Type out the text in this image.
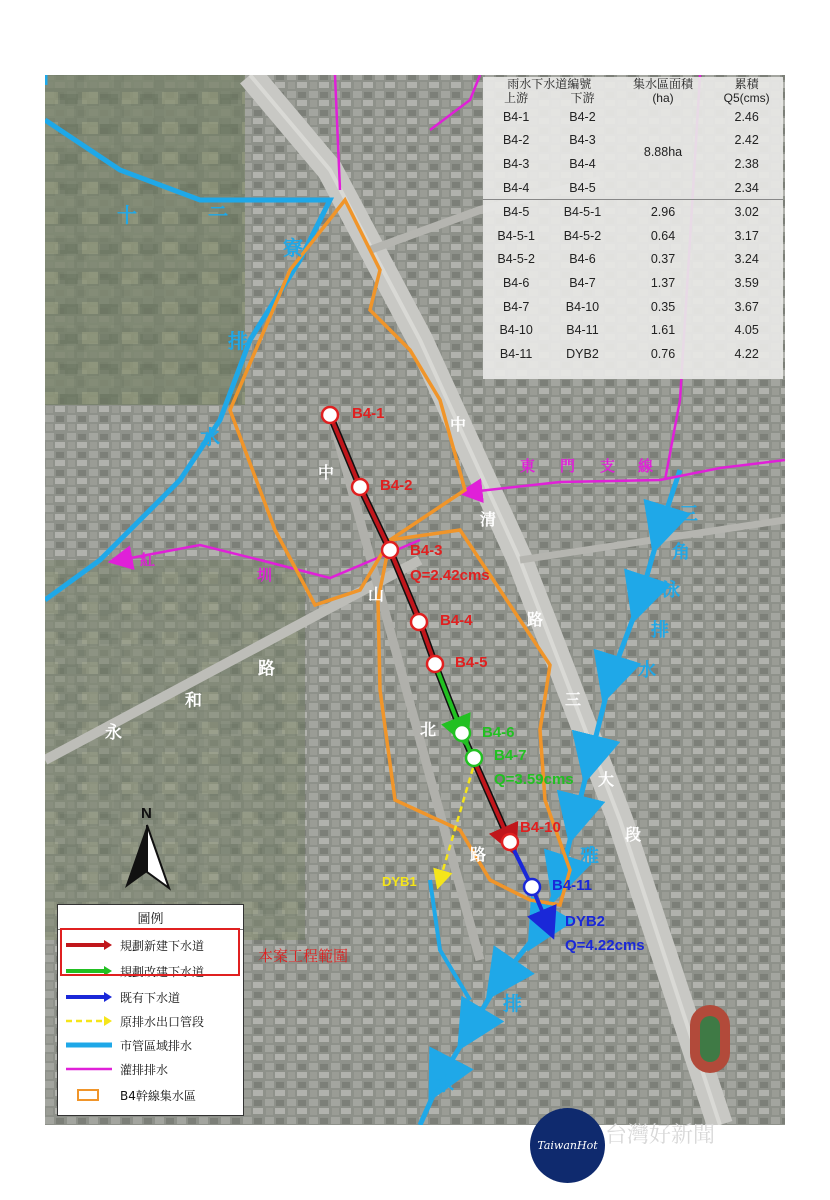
B4-1
B4-2
B4-3
Q=2.42cms
B4-4
B4-5
B4-6
B4-7
Q=3.59cms
B4-10
B4-11
DYB1
DYB2
Q=4.22cms
十	三
寮
排
水
中
山
北
路
中
清
路
三
大
段
東 門 支 線
三
角
泳
排
水
紅
圳
永
和
路
雅
排
水
N
雨水下水道編號		集水區面積	累積
上游	下游	(ha)	Q5(cms)
B4-1	B4-2	8.88ha	2.46
B4-2	B4-3		2.42
B4-3	B4-4		2.38
B4-4	B4-5		2.34
B4-5	B4-5-1	2.96	3.02
B4-5-1	B4-5-2	0.64	3.17
B4-5-2	B4-6	0.37	3.24
B4-6	B4-7	1.37	3.59
B4-7	B4-10	0.35	3.67
B4-10	B4-11	1.61	4.05
B4-11	DYB2	0.76	4.22
圖例
規劃新建下水道
規劃改建下水道
既有下水道
原排水出口管段
市管區域排水
灌排排水
B4幹線集水區
本案工程範圍
TaiwanHot 台灣好新聞
